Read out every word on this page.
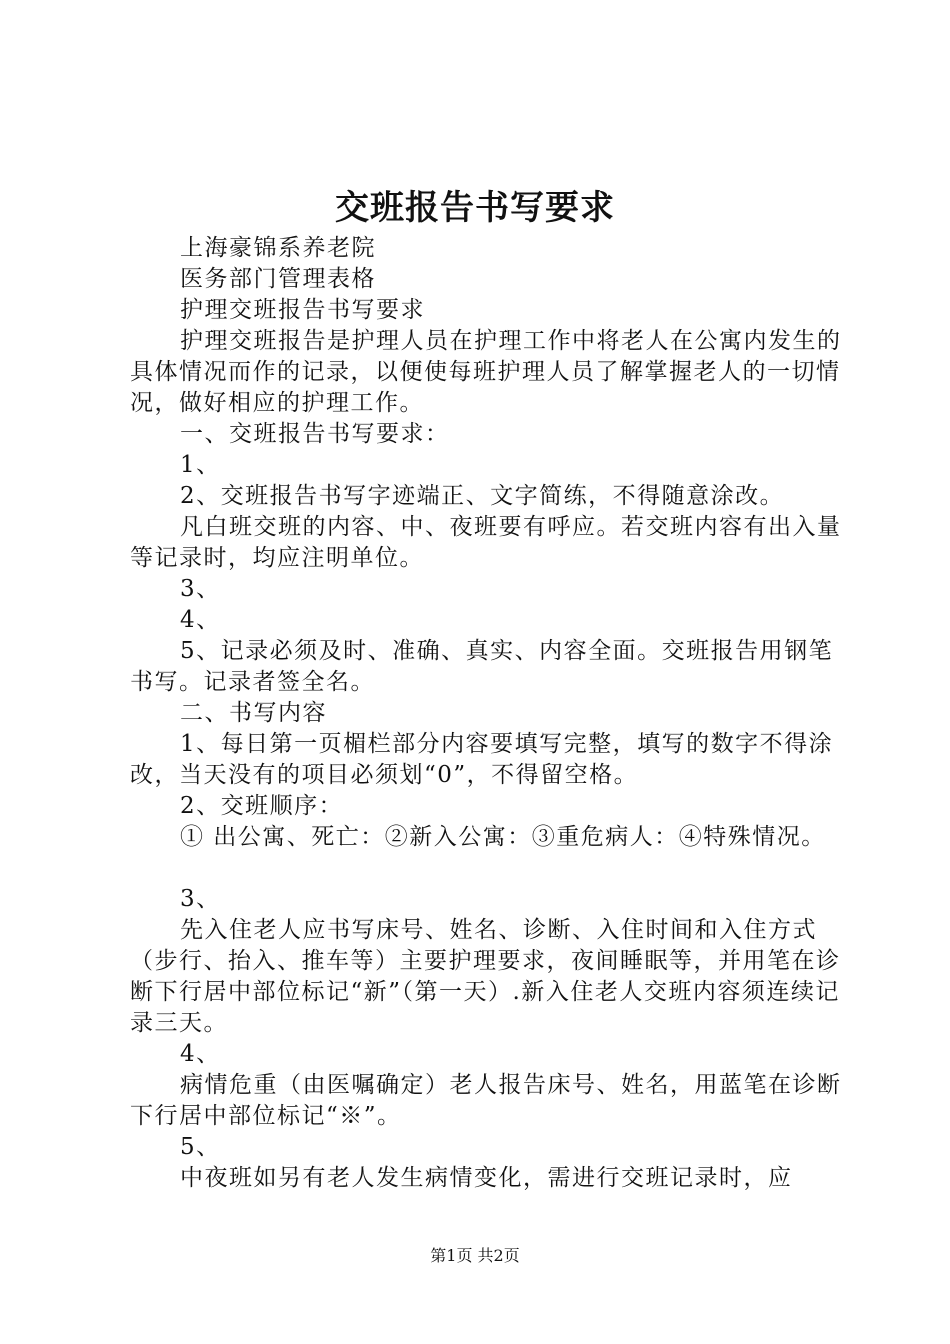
交班报告书写要求

上海豪锦系养老院

医务部门管理表格

护理交班报告书写要求

护理交班报告是护理人员在护理工作中将老人在公寓内发生的具体情况而作的记录，以便使每班护理人员了解掌握老人的一切情况，做好相应的护理工作。

一、交班报告书写要求：

1、

2、交班报告书写字迹端正、文字简练，不得随意涂改。

凡白班交班的内容、中、夜班要有呼应。若交班内容有出入量等记录时，均应注明单位。

3、

4、

5、记录必须及时、准确、真实、内容全面。交班报告用钢笔书写。记录者签全名。

二、书写内容

1、每日第一页楣栏部分内容要填写完整，填写的数字不得涂改，当天没有的项目必须划“0”，不得留空格。

2、交班顺序：

① 出公寓、死亡：②新入公寓：③重危病人：④特殊情况。

3、

先入住老人应书写床号、姓名、诊断、入住时间和入住方式（步行、抬入、推车等）主要护理要求，夜间睡眠等，并用笔在诊断下行居中部位标记“新”（第一天）.新入住老人交班内容须连续记录三天。

4、

病情危重（由医嘱确定）老人报告床号、姓名，用蓝笔在诊断下行居中部位标记“※”。

5、

中夜班如另有老人发生病情变化，需进行交班记录时，应

第1页 共2页
